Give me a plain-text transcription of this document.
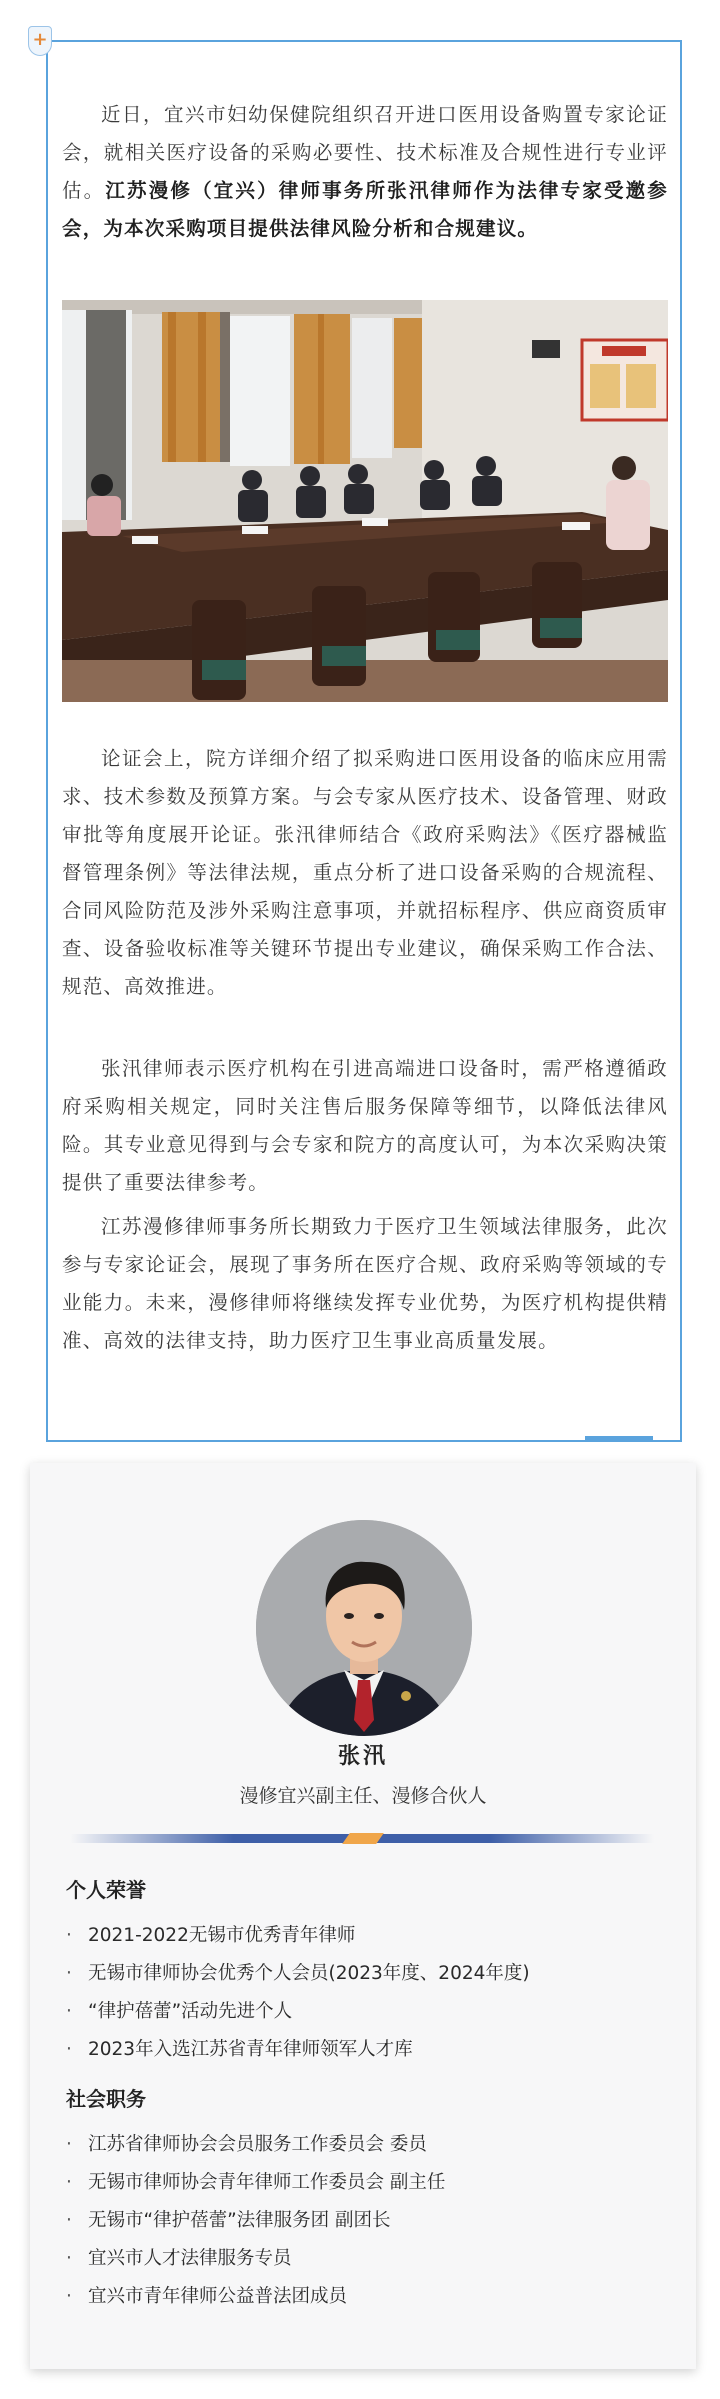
+

近日，宜兴市妇幼保健院组织召开进口医用设备购置专家论证会，就相关医疗设备的采购必要性、技术标准及合规性进行专业评估。江苏漫修（宜兴）律师事务所张汛律师作为法律专家受邀参会，为本次采购项目提供法律风险分析和合规建议。

论证会上，院方详细介绍了拟采购进口医用设备的临床应用需求、技术参数及预算方案。与会专家从医疗技术、设备管理、财政审批等角度展开论证。张汛律师结合《政府采购法》《医疗器械监督管理条例》等法律法规，重点分析了进口设备采购的合规流程、合同风险防范及涉外采购注意事项，并就招标程序、供应商资质审查、设备验收标准等关键环节提出专业建议，确保采购工作合法、规范、高效推进。

张汛律师表示医疗机构在引进高端进口设备时，需严格遵循政府采购相关规定，同时关注售后服务保障等细节，以降低法律风险。其专业意见得到与会专家和院方的高度认可，为本次采购决策提供了重要法律参考。

江苏漫修律师事务所长期致力于医疗卫生领域法律服务，此次参与专家论证会，展现了事务所在医疗合规、政府采购等领域的专业能力。未来，漫修律师将继续发挥专业优势，为医疗机构提供精准、高效的法律支持，助力医疗卫生事业高质量发展。

张汛
漫修宜兴副主任、漫修合伙人
个人荣誉
· 2021-2022无锡市优秀青年律师
· 无锡市律师协会优秀个人会员(2023年度、2024年度)
· “律护蓓蕾”活动先进个人
· 2023年入选江苏省青年律师领军人才库
社会职务
· 江苏省律师协会会员服务工作委员会 委员
· 无锡市律师协会青年律师工作委员会 副主任
· 无锡市“律护蓓蕾”法律服务团 副团长
· 宜兴市人才法律服务专员
· 宜兴市青年律师公益普法团成员
